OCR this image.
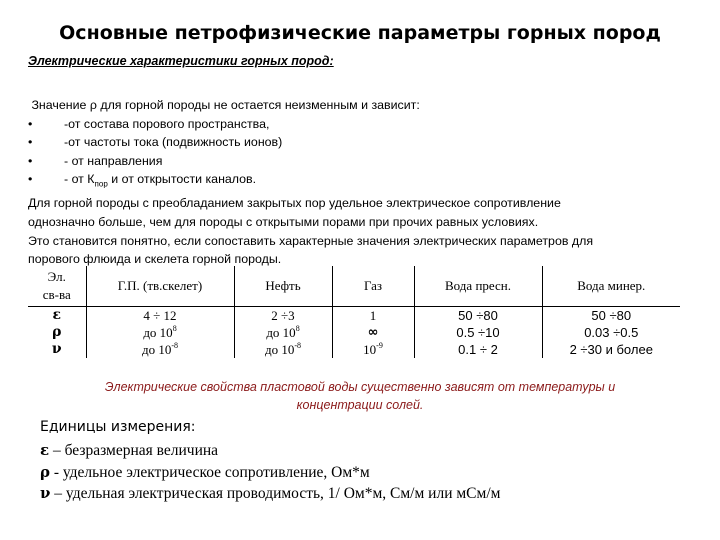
Основные петрофизические параметры горных пород
Электрические характеристики горных пород:
Значение ρ для горной породы не остается неизменным и зависит:
•	-от состава порового пространства,
•	-от частоты тока (подвижность ионов)
•	- от направления
•	- от $К_{пор}$ и от открытости каналов.
Для горной породы с преобладанием закрытых пор удельное электрическое сопротивление
однозначно больше, чем для породы с открытыми порами при прочих равных условиях.
Это становится понятно, если сопоставить характерные значения электрических параметров для
порового флюида и скелета горной породы.
Эл.
св-ва	Г.П. (тв.скелет)	Нефть	Газ	Вода пресн.	Вода минер.
ε	4 ÷ 12	2 ÷3	1	50 ÷80	50 ÷80
ρ	до $10^8$	до $10^8$	∞	0.5 ÷10	0.03 ÷0.5
ν	до $10^{-8}$	до $10^{-8}$	$10^{-9}$	0.1 ÷ 2	2 ÷30 и более
Электрические свойства пластовой воды существенно зависят от температуры и
концентрации солей.
Единицы измерения:
ε – безразмерная величина
ρ - удельное электрическое сопротивление, Ом*м
ν – удельная электрическая проводимость, 1/ Ом*м, См/м или мСм/м
